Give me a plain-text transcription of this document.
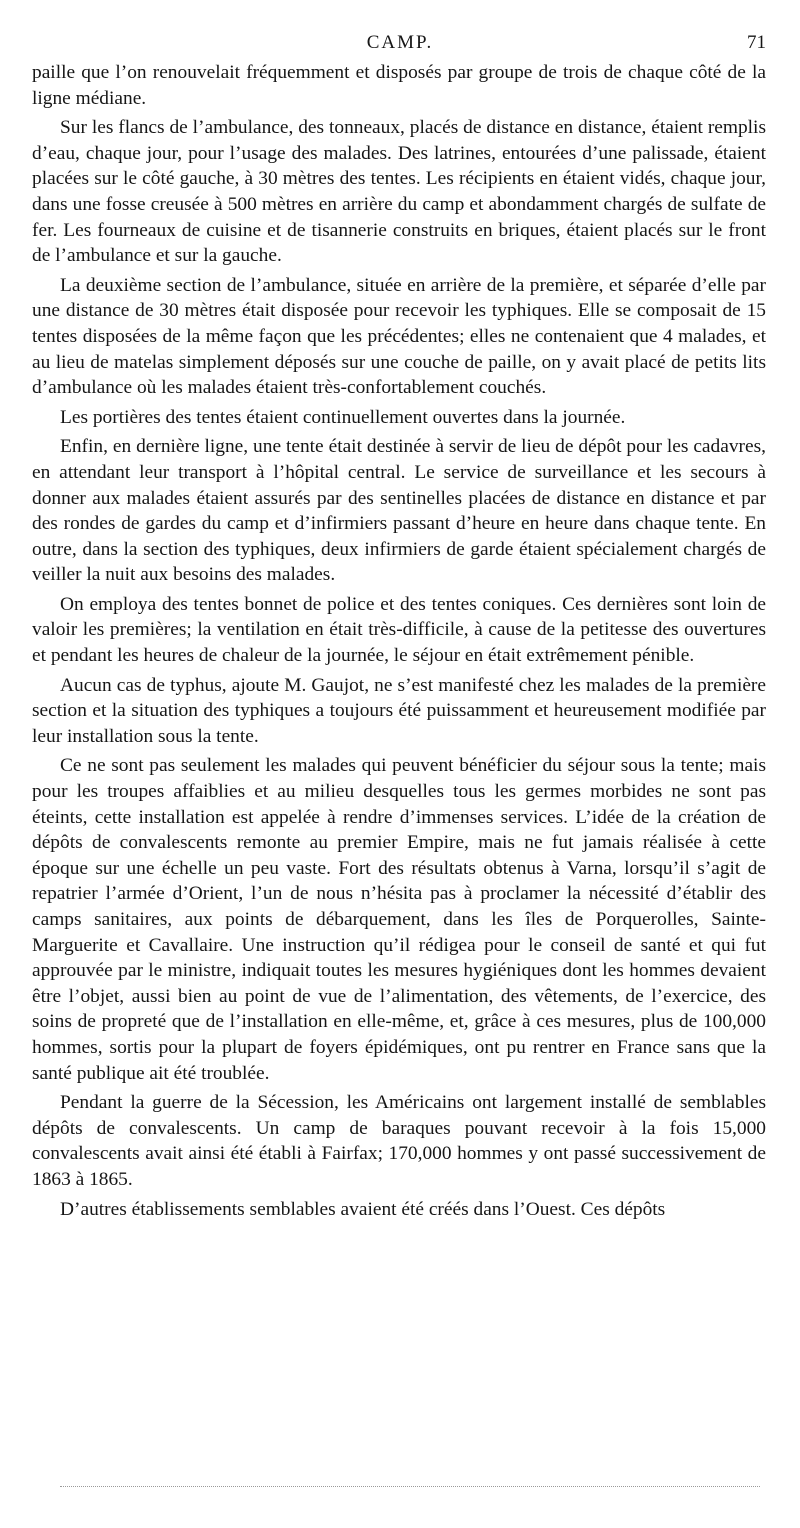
CAMP.	71

paille que l’on renouvelait fréquemment et disposés par groupe de trois de chaque côté de la ligne médiane.

Sur les flancs de l’ambulance, des tonneaux, placés de distance en distance, étaient remplis d’eau, chaque jour, pour l’usage des malades. Des latrines, entourées d’une palissade, étaient placées sur le côté gauche, à 30 mètres des tentes. Les récipients en étaient vidés, chaque jour, dans une fosse creusée à 500 mètres en arrière du camp et abondamment chargés de sulfate de fer. Les fourneaux de cuisine et de tisannerie construits en briques, étaient placés sur le front de l’ambulance et sur la gauche.

La deuxième section de l’ambulance, située en arrière de la première, et séparée d’elle par une distance de 30 mètres était disposée pour recevoir les typhiques. Elle se composait de 15 tentes disposées de la même façon que les précédentes; elles ne contenaient que 4 malades, et au lieu de matelas simplement déposés sur une couche de paille, on y avait placé de petits lits d’ambulance où les malades étaient très-confortablement couchés.

Les portières des tentes étaient continuellement ouvertes dans la journée.

Enfin, en dernière ligne, une tente était destinée à servir de lieu de dépôt pour les cadavres, en attendant leur transport à l’hôpital central. Le service de surveillance et les secours à donner aux malades étaient assurés par des sentinelles placées de distance en distance et par des rondes de gardes du camp et d’infirmiers passant d’heure en heure dans chaque tente. En outre, dans la section des typhiques, deux infirmiers de garde étaient spécialement chargés de veiller la nuit aux besoins des malades.

On employa des tentes bonnet de police et des tentes coniques. Ces dernières sont loin de valoir les premières; la ventilation en était très-difficile, à cause de la petitesse des ouvertures et pendant les heures de chaleur de la journée, le séjour en était extrêmement pénible.

Aucun cas de typhus, ajoute M. Gaujot, ne s’est manifesté chez les malades de la première section et la situation des typhiques a toujours été puissamment et heureusement modifiée par leur installation sous la tente.

Ce ne sont pas seulement les malades qui peuvent bénéficier du séjour sous la tente; mais pour les troupes affaiblies et au milieu desquelles tous les germes morbides ne sont pas éteints, cette installation est appelée à rendre d’immenses services. L’idée de la création de dépôts de convalescents remonte au premier Empire, mais ne fut jamais réalisée à cette époque sur une échelle un peu vaste. Fort des résultats obtenus à Varna, lorsqu’il s’agit de repatrier l’armée d’Orient, l’un de nous n’hésita pas à proclamer la nécessité d’établir des camps sanitaires, aux points de débarquement, dans les îles de Porquerolles, Sainte-Marguerite et Cavallaire. Une instruction qu’il rédigea pour le conseil de santé et qui fut approuvée par le ministre, indiquait toutes les mesures hygiéniques dont les hommes devaient être l’objet, aussi bien au point de vue de l’alimentation, des vêtements, de l’exercice, des soins de propreté que de l’installation en elle-même, et, grâce à ces mesures, plus de 100,000 hommes, sortis pour la plupart de foyers épidémiques, ont pu rentrer en France sans que la santé publique ait été troublée.

Pendant la guerre de la Sécession, les Américains ont largement installé de semblables dépôts de convalescents. Un camp de baraques pouvant recevoir à la fois 15,000 convalescents avait ainsi été établi à Fairfax; 170,000 hommes y ont passé successivement de 1863 à 1865.

D’autres établissements semblables avaient été créés dans l’Ouest. Ces dépôts
